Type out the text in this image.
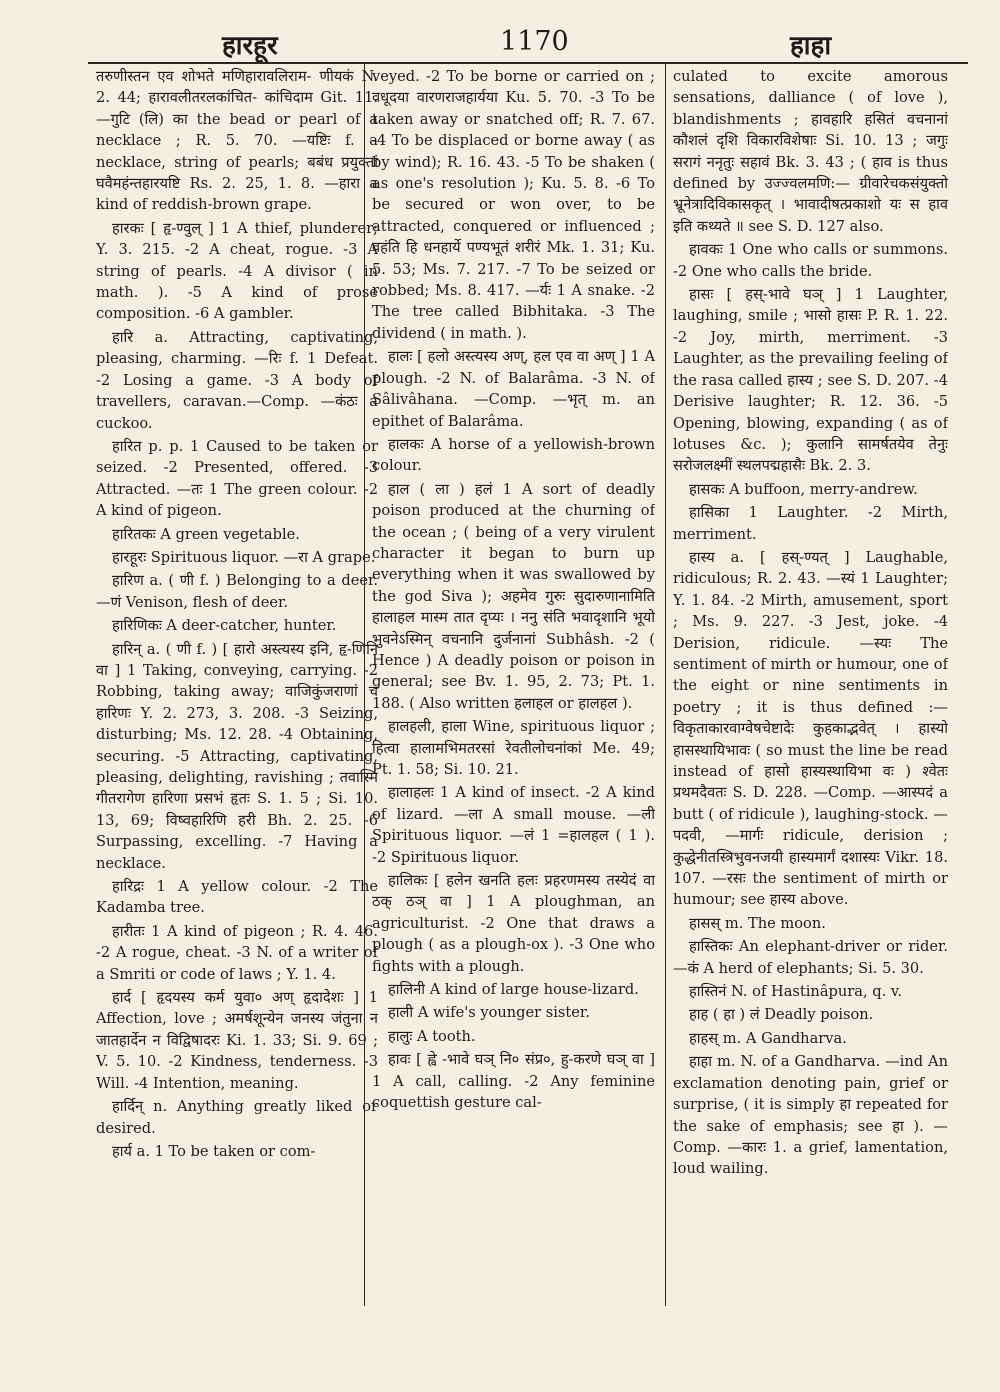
हारहूर	1170	हाहा

तरुणीस्तन एव शोभते मणिहारावलिराम- णीयकं N. 2. 44; हारावलीतरलकांचित- कांचिदाम Git. 11. —गुटि (लि) का the bead or pearl of a necklace ; R. 5. 70. —यष्टिः f. a necklace, string of pearls; बबंध प्रयुक्तां घवैमहंन्तहारयष्टि Rs. 2. 25, 1. 8. —हारा a kind of reddish-brown grape.

हारकः [ हृ-ण्वुल् ] 1 A thief, plunderer; Y. 3. 215. -2 A cheat, rogue. -3 A string of pearls. -4 A divisor ( in math. ). -5 A kind of prose composition. -6 A gambler.

हारि a. Attracting, captivating, pleasing, charming. —रिः f. 1 Defeat. -2 Losing a game. -3 A body of travellers, caravan.—Comp. —कंठः a cuckoo.

हारित p. p. 1 Caused to be taken or seized. -2 Presented, offered. -3 Attracted. —तः 1 The green colour. -2 A kind of pigeon.

हारितकः A green vegetable.

हारहूरः Spirituous liquor. —रा A grape.

हारिण a. ( णी f. ) Belonging to a deer. —णं Venison, flesh of deer.

हारिणिकः A deer-catcher, hunter.

हारिन् a. ( णी f. ) [ हारो अस्त्यस्य इनि, हृ-णिनि वा ] 1 Taking, conveying, carrying. -2 Robbing, taking away; वाजिकुंजराणां च हारिणः Y. 2. 273, 3. 208. -3 Seizing, disturbing; Ms. 12. 28. -4 Obtaining, securing. -5 Attracting, captivating, pleasing, delighting, ravishing ; तवास्मि गीतरागेण हारिणा प्रसभं हृतः S. 1. 5 ; Si. 10. 13, 69; विष्वहारिणि हरी Bh. 2. 25. -6 Surpassing, excelling. -7 Having a necklace.

हारिद्रः 1 A yellow colour. -2 The Kadamba tree.

हारीतः 1 A kind of pigeon ; R. 4. 46. -2 A rogue, cheat. -3 N. of a writer of a Smriti or code of laws ; Y. 1. 4.

हार्द [ हृदयस्य कर्म युवा० अण् हृदादेशः ] 1 Affection, love ; अमर्षशून्येन जनस्य जंतुना न जातहार्देन न विद्विषादरः Ki. 1. 33; Si. 9. 69 ; V. 5. 10. -2 Kindness, tenderness. -3 Will. -4 Intention, meaning.

हार्दिन् n. Anything greatly liked or desired.

हार्य a. 1 To be taken or com-

veyed. -2 To be borne or carried on ; वधूदया वारणराजहार्यया Ku. 5. 70. -3 To be taken away or snatched off; R. 7. 67. -4 To be displaced or borne away ( as by wind); R. 16. 43. -5 To be shaken ( as one's resolution ); Ku. 5. 8. -6 To be secured or won over, to be attracted, conquered or influenced ; वहंति हि धनहार्ये पण्यभूतं शरीरं Mk. 1. 31; Ku. 5. 53; Ms. 7. 217. -7 To be seized or robbed; Ms. 8. 417. —र्यः 1 A snake. -2 The tree called Bibhitaka. -3 The dividend ( in math. ).

हालः [ हलो अस्त्यस्य अण्, हल एव वा अण् ] 1 A plough. -2 N. of Balarâma. -3 N. of Sâlivâhana. —Comp. —भृत् m. an epithet of Balarâma.

हालकः A horse of a yellowish-brown colour.

हाल ( ला ) हलं 1 A sort of deadly poison produced at the churning of the ocean ; ( being of a very virulent character it began to burn up everything when it was swallowed by the god Siva ); अहमेव गुरुः सुदारुणानामिति हालाहल मास्म तात दृप्यः । ननु संति भवादृशानि भूयो भुवनेऽस्मिन् वचनानि दुर्जनानां Subhâsh. -2 ( Hence ) A deadly poison or poison in general; see Bv. 1. 95, 2. 73; Pt. 1. 188. ( Also written हलाहल or हालहल ).

हालहली, हाला Wine, spirituous liquor ; हित्वा हालामभिमतरसां रेवतीलोचनांकां Me. 49; Pt. 1. 58; Si. 10. 21.

हालाहलः 1 A kind of insect. -2 A kind of lizard. —ला A small mouse. —ली Spirituous liquor. —लं 1 =हालहल ( 1 ). -2 Spirituous liquor.

हालिकः [ हलेन खनति हलः प्रहरणमस्य तस्येदं वा ठक् ठञ् वा ] 1 A ploughman, an agriculturist. -2 One that draws a plough ( as a plough-ox ). -3 One who fights with a plough.

हालिनी A kind of large house-lizard.

हाली A wife's younger sister.

हालुः A tooth.

हावः [ ह्वे -भावे घञ् नि० संप्र०, हु-करणे घञ् वा ] 1 A call, calling. -2 Any feminine coquettish gesture cal-

culated to excite amorous sensations, dalliance ( of love ), blandishments ; हावहारि हसितं वचनानां कौशलं दृशि विकारविशेषाः Si. 10. 13 ; जगुः सरागं ननृतुः सहावं Bk. 3. 43 ; ( हाव is thus defined by उज्ज्वलमणि:— ग्रीवारेचकसंयुक्तो भ्रूनेत्रादिविकासकृत् । भावादीषत्प्रकाशो यः स हाव इति कथ्यते ॥ see S. D. 127 also.

हावकः 1 One who calls or summons. -2 One who calls the bride.

हासः [ हस्-भावे घञ् ] 1 Laughter, laughing, smile ; भासो हासः P. R. 1. 22. -2 Joy, mirth, merriment. -3 Laughter, as the prevailing feeling of the rasa called हास्य ; see S. D. 207. -4 Derisive laughter; R. 12. 36. -5 Opening, blowing, expanding ( as of lotuses &c. ); कुलानि सामर्षतयेव तेनुः सरोजलक्ष्मीं स्थलपद्महासैः Bk. 2. 3.

हासकः A buffoon, merry-andrew.

हासिका 1 Laughter. -2 Mirth, merriment.

हास्य a. [ हस्-ण्यत् ] Laughable, ridiculous; R. 2. 43. —स्यं 1 Laughter; Y. 1. 84. -2 Mirth, amusement, sport ; Ms. 9. 227. -3 Jest, joke. -4 Derision, ridicule. —स्यः The sentiment of mirth or humour, one of the eight or nine sentiments in poetry ; it is thus defined :— विकृताकारवाग्वेषचेष्टादेः कुहकाद्भवेत् । हास्यो हासस्थायिभावः ( so must the line be read instead of हासो हास्यस्थायिभा वः ) श्वेतः प्रथमदैवतः S. D. 228. —Comp. —आस्पदं a butt ( of ridicule ), laughing-stock. —पदवी, —मार्गः ridicule, derision ; कुद्धेनीतस्त्रिभुवनजयी हास्यमार्गं दशास्यः Vikr. 18. 107. —रसः the sentiment of mirth or humour; see हास्य above.

हासस् m. The moon.

हास्तिकः An elephant-driver or rider. —कं A herd of elephants; Si. 5. 30.

हास्तिनं N. of Hastinâpura, q. v.

हाह ( हा ) लं Deadly poison.

हाहस् m. A Gandharva.

हाहा m. N. of a Gandharva. —ind An exclamation denoting pain, grief or surprise, ( it is simply हा repeated for the sake of emphasis; see हा ). —Comp. —कारः 1. a grief, lamentation, loud wailing.
